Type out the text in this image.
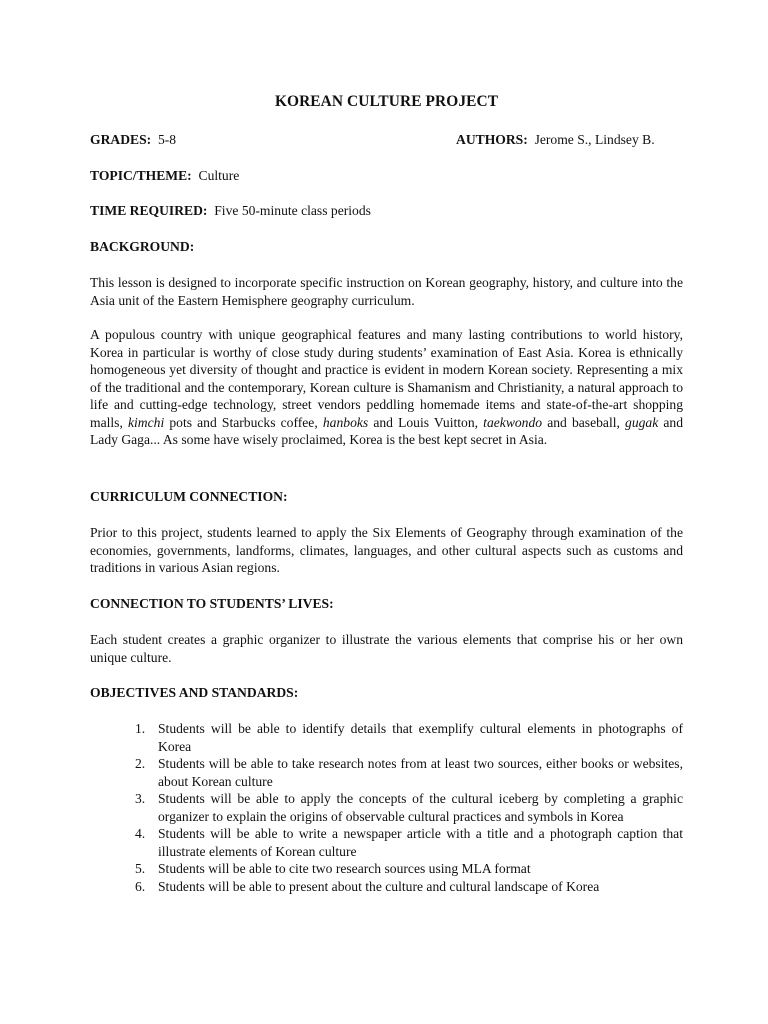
KOREAN CULTURE PROJECT
GRADES: 5-8	AUTHORS: Jerome S., Lindsey B.
TOPIC/THEME: Culture
TIME REQUIRED: Five 50-minute class periods
BACKGROUND:
This lesson is designed to incorporate specific instruction on Korean geography, history, and culture into the Asia unit of the Eastern Hemisphere geography curriculum.
A populous country with unique geographical features and many lasting contributions to world history, Korea in particular is worthy of close study during students’ examination of East Asia. Korea is ethnically homogeneous yet diversity of thought and practice is evident in modern Korean society. Representing a mix of the traditional and the contemporary, Korean culture is Shamanism and Christianity, a natural approach to life and cutting-edge technology, street vendors peddling homemade items and state-of-the-art shopping malls, kimchi pots and Starbucks coffee, hanboks and Louis Vuitton, taekwondo and baseball, gugak and Lady Gaga... As some have wisely proclaimed, Korea is the best kept secret in Asia.
CURRICULUM CONNECTION:
Prior to this project, students learned to apply the Six Elements of Geography through examination of the economies, governments, landforms, climates, languages, and other cultural aspects such as customs and traditions in various Asian regions.
CONNECTION TO STUDENTS’ LIVES:
Each student creates a graphic organizer to illustrate the various elements that comprise his or her own unique culture.
OBJECTIVES AND STANDARDS:
1. Students will be able to identify details that exemplify cultural elements in photographs of Korea
2. Students will be able to take research notes from at least two sources, either books or websites, about Korean culture
3. Students will be able to apply the concepts of the cultural iceberg by completing a graphic organizer to explain the origins of observable cultural practices and symbols in Korea
4. Students will be able to write a newspaper article with a title and a photograph caption that illustrate elements of Korean culture
5. Students will be able to cite two research sources using MLA format
6. Students will be able to present about the culture and cultural landscape of Korea
